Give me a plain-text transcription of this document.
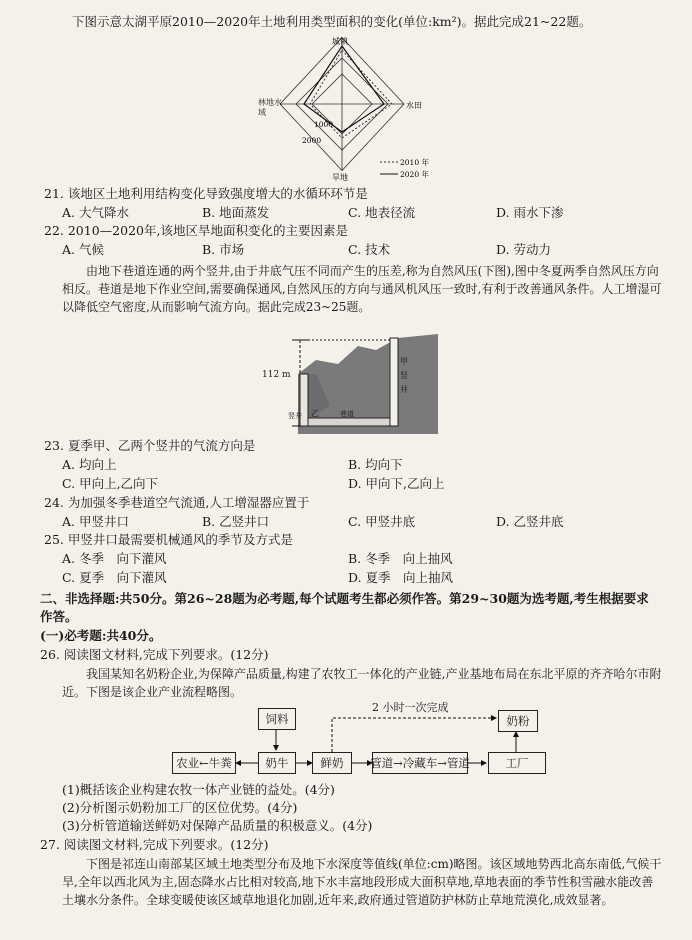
下图示意太湖平原2010—2020年土地利用类型面积的变化(单位:km²)。据此完成21~22题。
城镇
水田
旱地
1000
2000
2010 年
2020 年
林地水域
21. 该地区土地利用结构变化导致强度增大的水循环环节是
A. 大气降水	B. 地面蒸发	C. 地表径流	D. 雨水下渗
22. 2010—2020年,该地区旱地面积变化的主要因素是
A. 气候	B. 市场	C. 技术	D. 劳动力
由地下巷道连通的两个竖井,由于井底气压不同而产生的压差,称为自然风压(下图),图中冬夏两季自然风压方向相反。巷道是地下作业空间,需要确保通风,自然风压的方向与通风机风压一致时,有利于改善通风条件。人工增湿可以降低空气密度,从而影响气流方向。据此完成23~25题。
甲
竖
井
乙
竖井	巷道
112 m
23. 夏季甲、乙两个竖井的气流方向是
A. 均向上	B. 均向下
C. 甲向上,乙向下	D. 甲向下,乙向上
24. 为加强冬季巷道空气流通,人工增湿器应置于
A. 甲竖井口	B. 乙竖井口	C. 甲竖井底	D. 乙竖井底
25. 甲竖井口最需要机械通风的季节及方式是
A. 冬季　向下灌风	B. 冬季　向上抽风
C. 夏季　向下灌风	D. 夏季　向上抽风
二、非选择题:共50分。第26~28题为必考题,每个试题考生都必须作答。第29~30题为选考题,考生根据要求作答。
(一)必考题:共40分。
26. 阅读图文材料,完成下列要求。(12分)
我国某知名奶粉企业,为保障产品质量,构建了农牧工一体化的产业链,产业基地布局在东北平原的齐齐哈尔市附近。下图是该企业产业流程略图。
饲料
农业←牛粪	奶牛	鲜奶	管道→冷藏车→管道	工厂
奶粉
2 小时一次完成
(1)概括该企业构建农牧一体产业链的益处。(4分)
(2)分析图示奶粉加工厂的区位优势。(4分)
(3)分析管道输送鲜奶对保障产品质量的积极意义。(4分)
27. 阅读图文材料,完成下列要求。(12分)
下图是祁连山南部某区域土地类型分布及地下水深度等值线(单位:cm)略图。该区域地势西北高东南低,气候干旱,全年以西北风为主,固态降水占比相对较高,地下水丰富地段形成大面积草地,草地表面的季节性积雪融水能改善土壤水分条件。全球变暖使该区域草地退化加剧,近年来,政府通过管道防护林防止草地荒漠化,成效显著。
